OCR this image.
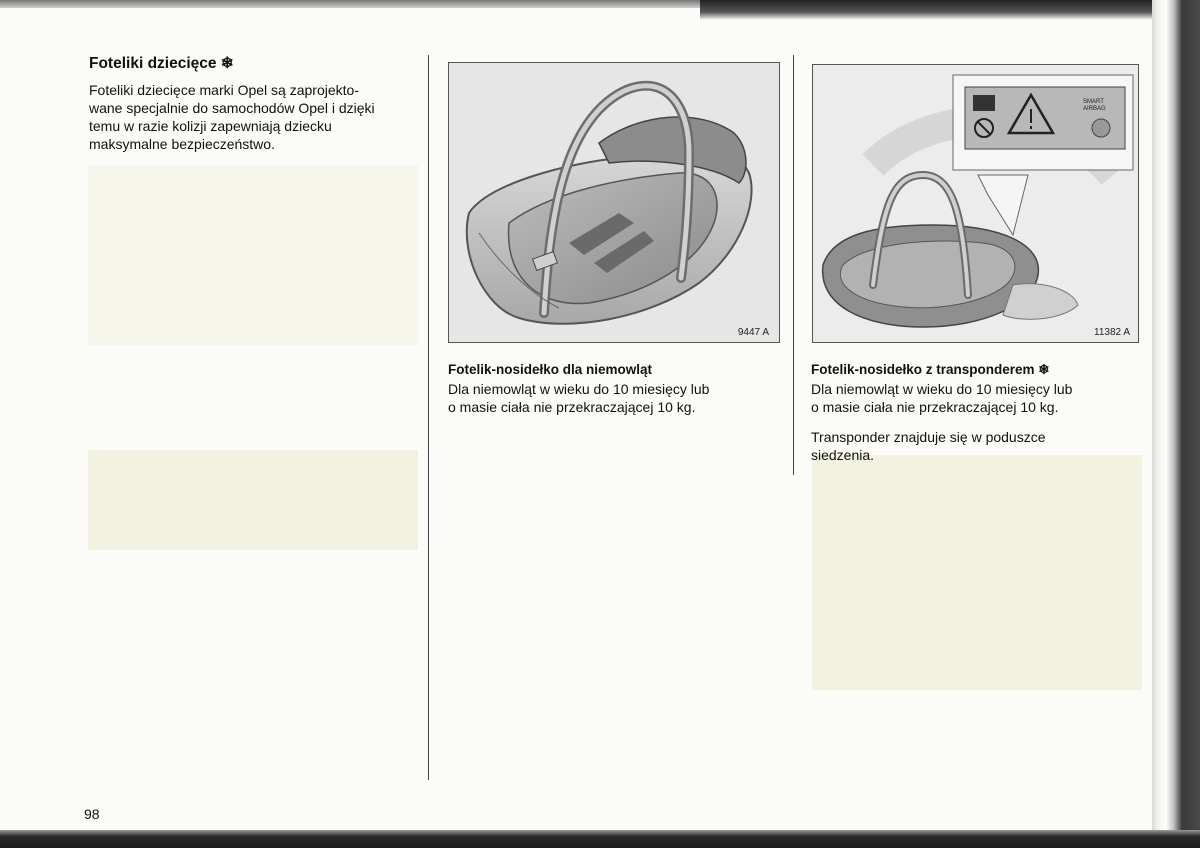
Foteliki dziecięce ❄
Foteliki dziecięce marki Opel są zaprojekto-
wane specjalnie do samochodów Opel i dzięki
temu w razie kolizji zapewniają dziecku
maksymalne bezpieczeństwo.
9447 A
Fotelik-nosidełko dla niemowląt
Dla niemowląt w wieku do 10 miesięcy lub
o masie ciała nie przekraczającej 10 kg.
SMART
AIRBAG
11382 A
Fotelik-nosidełko z transponderem ❄
Dla niemowląt w wieku do 10 miesięcy lub
o masie ciała nie przekraczającej 10 kg.
Transponder znajduje się w poduszce
siedzenia.
98
